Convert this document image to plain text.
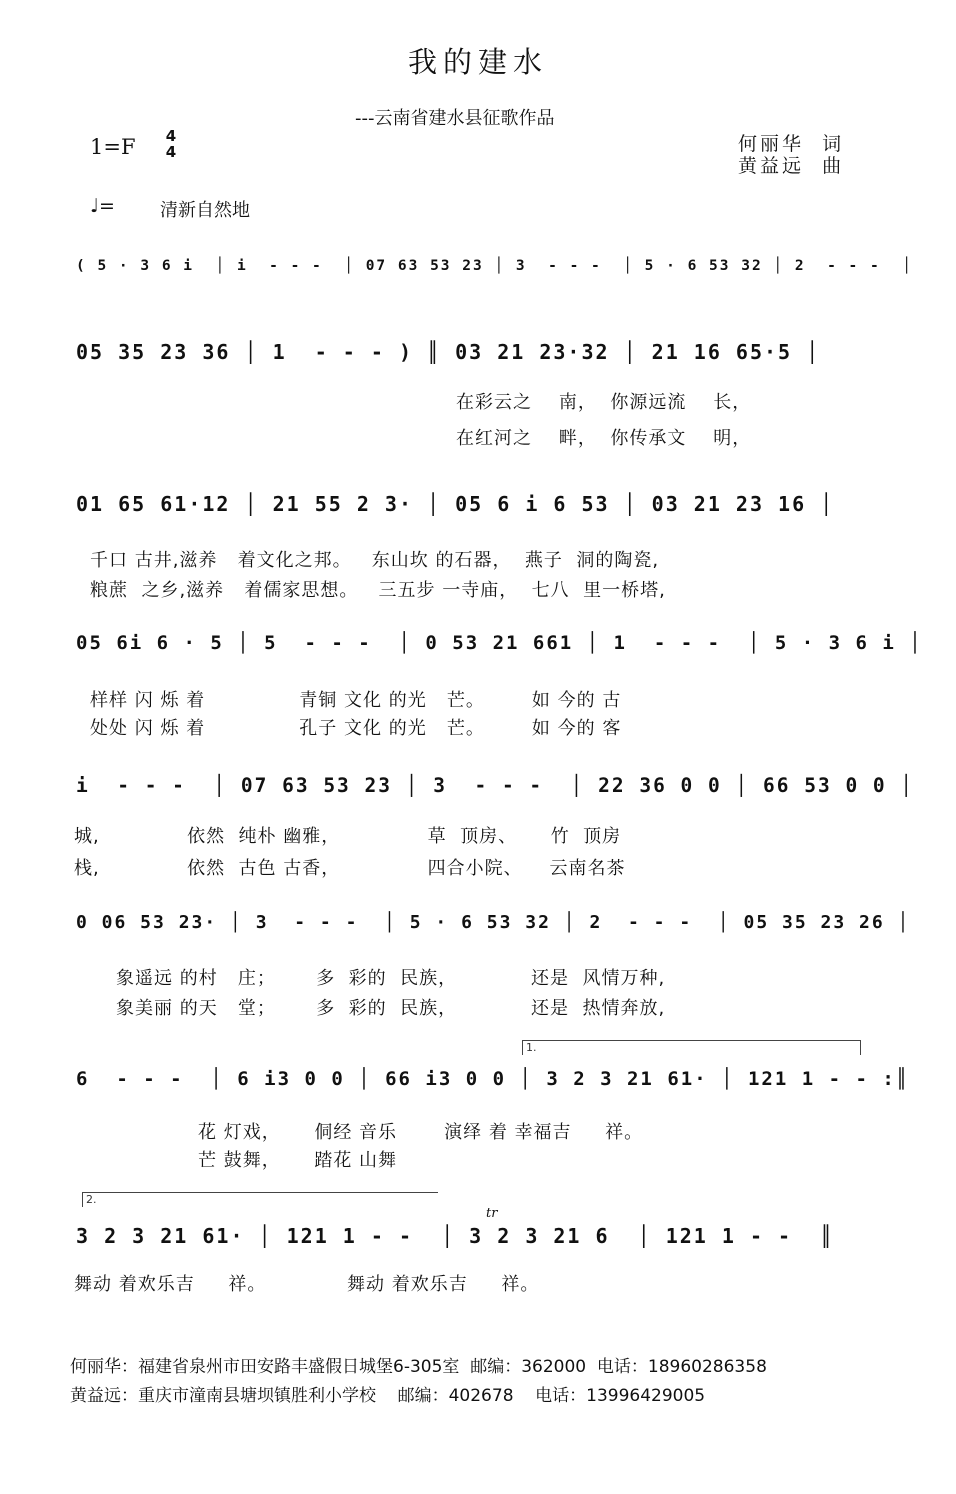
我的建水
---云南省建水县征歌作品
1=F	4
4	何丽华  词
黄益远  曲
♩=	清新自然地
( 5 · 3 6 i  │ i  - - -  │ 07 63 53 23 │ 3  - - -  │ 5 · 6 53 32 │ 2  - - -  │
05 35 23 36 │ 1  - - - ) ║ 03 21 23·32 │ 21 16 65·5 │
在彩云之    南，  你源远流    长，
在红河之    畔，  你传承文    明，
01 65 61·12 │ 21 55 2 3· │ 05 6 i 6 53 │ 03 21 23 16 │
千口 古井,滋养   着文化之邦。   东山坎 的石器，  燕子  洞的陶瓷,
粮蔗  之乡,滋养   着儒家思想。   三五步 一寺庙，  七八  里一桥塔,
05 6i 6 · 5 │ 5  - - -  │ 0 53 21 661 │ 1  - - -  │ 5 · 3 6 i │
样样 闪 烁 着              青铜 文化 的光   芒。       如 今的 古
处处 闪 烁 着              孔子 文化 的光   芒。       如 今的 客
i  - - -  │ 07 63 53 23 │ 3  - - -  │ 22 36 0 0 │ 66 53 0 0 │
城,             依然  纯朴 幽雅，             草  顶房、     竹  顶房
栈,             依然  古色 古香，             四合小院、    云南名茶
0 06 53 23· │ 3  - - -  │ 5 · 6 53 32 │ 2  - - -  │ 05 35 23 26 │
象遥远 的村   庄；      多  彩的  民族，           还是  风情万种,
象美丽 的天   堂；      多  彩的  民族，           还是  热情奔放,
1.
6  - - -  │ 6 i3 0 0 │ 66 i3 0 0 │ 3 2 3 21 61· │ 121 1 - - :║
花 灯戏，     侗经 音乐       演绎 着 幸福吉     祥。
芒 鼓舞，     踏花 山舞
2.
tr
3 2 3 21 61· │ 121 1 - -  │ 3 2 3 21 6  │ 121 1 - -  ║
舞动 着欢乐吉     祥。            舞动 着欢乐吉     祥。
何丽华：福建省泉州市田安路丰盛假日城堡6-305室  邮编：362000  电话：18960286358
黄益远：重庆市潼南县塘坝镇胜利小学校    邮编：402678    电话：13996429005
